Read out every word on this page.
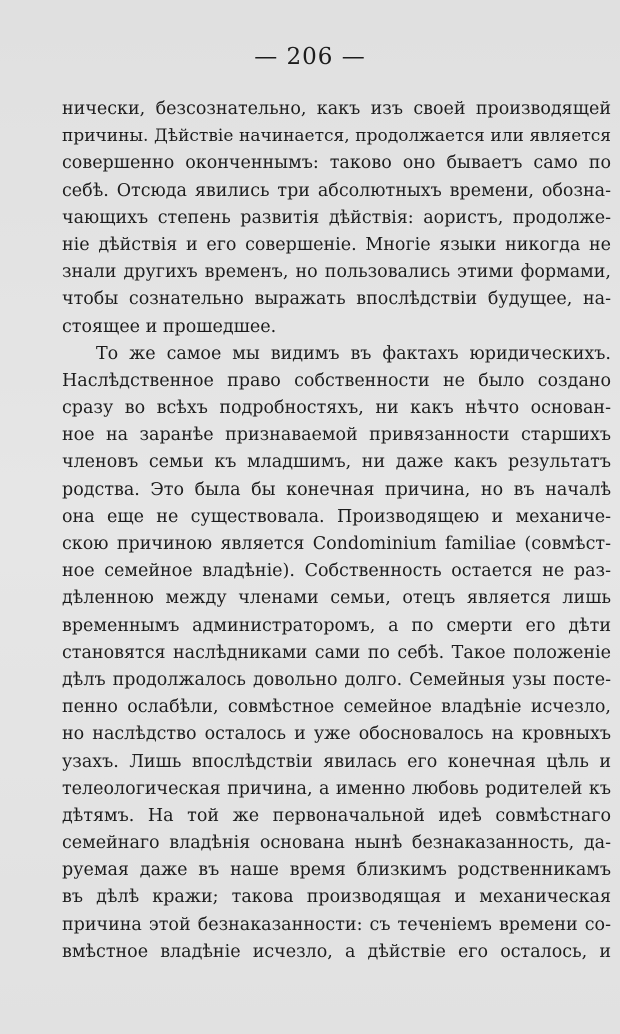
— 206 —
нически, безсознательно, какъ изъ своей производящей
причины. Дѣйствіе начинается, продолжается или является
совершенно оконченнымъ: таково оно бываетъ само по
себѣ. Отсюда явились три абсолютныхъ времени, обозна-
чающихъ степень развитія дѣйствія: аористъ, продолже-
ніе дѣйствія и его совершеніе. Многіе языки никогда не
знали другихъ временъ, но пользовались этими формами,
чтобы сознательно выражать впослѣдствіи будущее, на-
стоящее и прошедшее.
То же самое мы видимъ въ фактахъ юридическихъ.
Наслѣдственное право собственности не было создано
сразу во всѣхъ подробностяхъ, ни какъ нѣчто основан-
ное на заранѣе признаваемой привязанности старшихъ
членовъ семьи къ младшимъ, ни даже какъ результатъ
родства. Это была бы конечная причина, но въ началѣ
она еще не существовала. Производящею и механиче-
скою причиною является Condominium familiae (совмѣст-
ное семейное владѣніе). Собственность остается не раз-
дѣленною между членами семьи, отецъ является лишь
временнымъ администраторомъ, а по смерти его дѣти
становятся наслѣдниками сами по себѣ. Такое положеніе
дѣлъ продолжалось довольно долго. Семейныя узы посте-
пенно ослабѣли, совмѣстное семейное владѣніе исчезло,
но наслѣдство осталось и уже обосновалось на кровныхъ
узахъ. Лишь впослѣдствіи явилась его конечная цѣль и
телеологическая причина, а именно любовь родителей къ
дѣтямъ. На той же первоначальной идеѣ совмѣстнаго
семейнаго владѣнія основана нынѣ безнаказанность, да-
руемая даже въ наше время близкимъ родственникамъ
въ дѣлѣ кражи; такова производящая и механическая
причина этой безнаказанности: съ теченіемъ времени со-
вмѣстное владѣніе исчезло, а дѣйствіе его осталось, и
